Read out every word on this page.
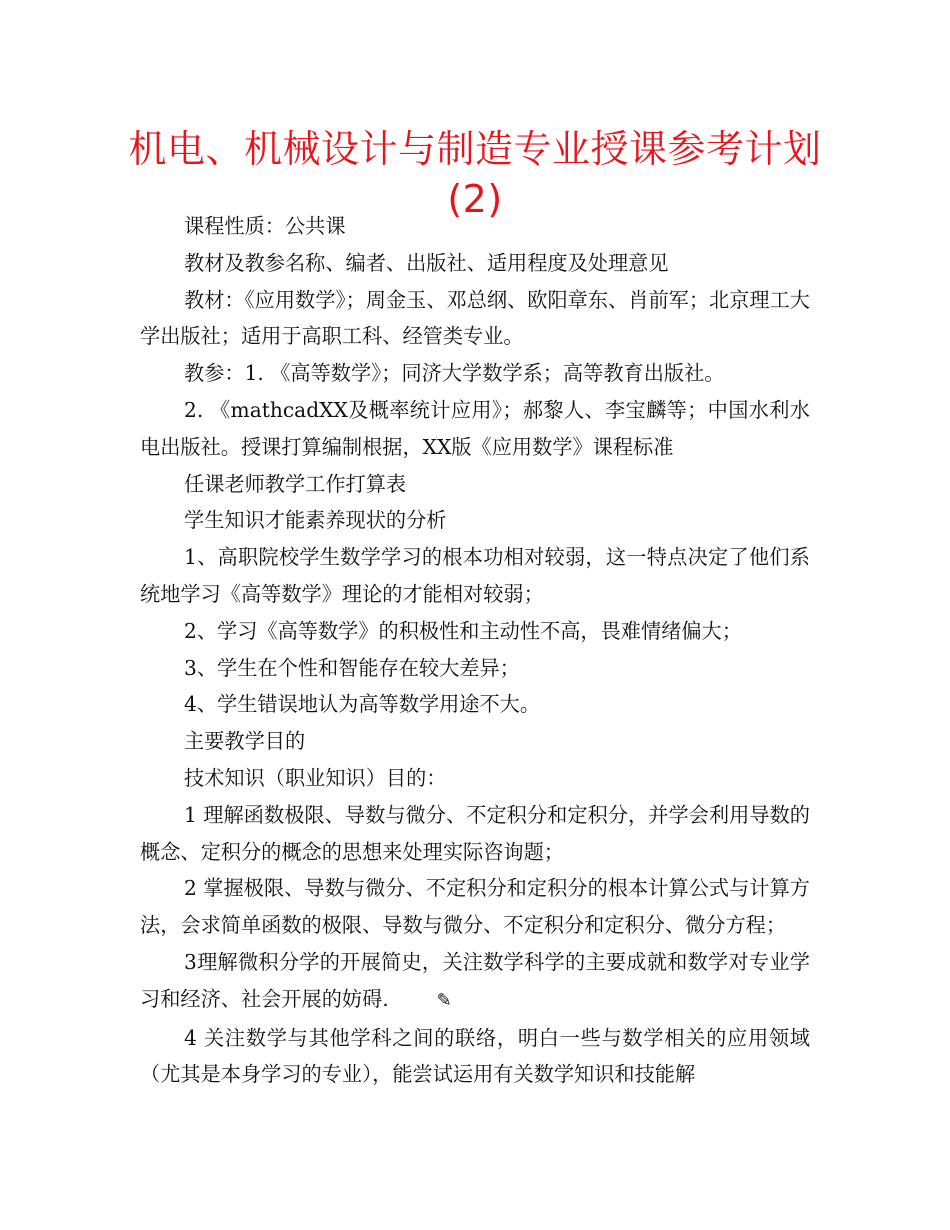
机电、机械设计与制造专业授课参考计划
(2)

课程性质：公共课

教材及教参名称、编者、出版社、适用程度及处理意见

教材：《应用数学》；周金玉、邓总纲、欧阳章东、肖前军；北京理工大学出版社；适用于高职工科、经管类专业。

教参：1. 《高等数学》；同济大学数学系；高等教育出版社。

2. 《mathcadXX及概率统计应用》；郝黎人、李宝麟等；中国水利水电出版社。授课打算编制根据，XX版《应用数学》课程标准

任课老师教学工作打算表

学生知识才能素养现状的分析

1、高职院校学生数学学习的根本功相对较弱，这一特点决定了他们系统地学习《高等数学》理论的才能相对较弱；

2、学习《高等数学》的积极性和主动性不高，畏难情绪偏大；

3、学生在个性和智能存在较大差异；

4、学生错误地认为高等数学用途不大。

主要教学目的

技术知识（职业知识）目的：

1 理解函数极限、导数与微分、不定积分和定积分，并学会利用导数的概念、定积分的概念的思想来处理实际咨询题；

2 掌握极限、导数与微分、不定积分和定积分的根本计算公式与计算方法，会求简单函数的极限、导数与微分、不定积分和定积分、微分方程；

3理解微积分学的开展简史，关注数学科学的主要成就和数学对专业学习和经济、社会开展的妨碍.	✎

4 关注数学与其他学科之间的联络，明白一些与数学相关的应用领域（尤其是本身学习的专业），能尝试运用有关数学知识和技能解
